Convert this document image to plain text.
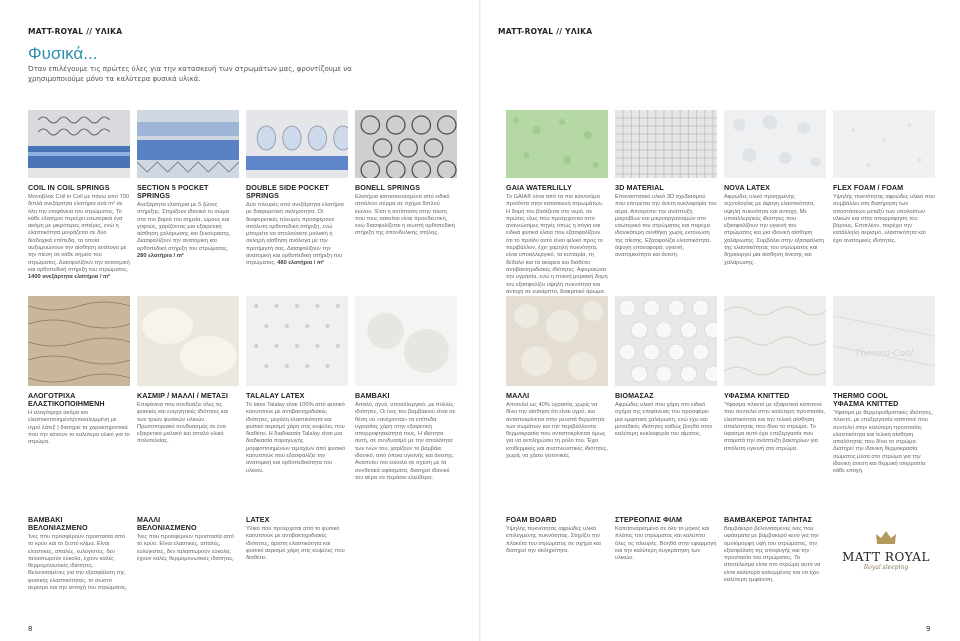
MATT-ROYAL // ΥΛΙΚΑ	MATT-ROYAL // ΥΛΙΚΑ
Φυσικά...
Όταν επιλέγουμε τις πρώτες ύλες για την κατασκευή των στρωμάτων μας, φροντίζουμε να χρησιμοποιούμε μόνο τα καλύτερα φυσικά υλικά.
COIL IN COIL SPRINGS

Μονοβλοκ Coil in Coil με πάνω από 700 διπλά ανεξάρτητα ελατήρια ανά m² σε όλη την επιφάνεια του στρώματος. Το κάθε ελατήριο περιέχει εσωτερικά ένα ακόμη με μικρότερες σπείρες, ενώ η ελαστικότητα μοιράζεται σε δύο διαδοχικά επίπεδα, τα οποία αυξομειώνουν την αίσθηση ανάλογα με την πίεση σε κάθε σημείο του στρώματος. Διασφαλίζουν την ανατομική και ορθοπεδική στήριξη του στρώματος. 1400 ανεξάρτητα ελατήρια / m²

SECTION 5 POCKET SPRINGS

Ανεξάρτητα ελατήρια με 5 ζώνες στήριξης. Στηρίζουν ιδανικά το σώμα στα πιο βαριά του σημεία, ώμους και γοφούς, χαρίζοντας μια εξαιρετική αίσθηση χαλάρωσης και ξεκούρασης. Διασφαλίζουν την ανατομική και ορθοπεδική στήριξη του στρώματος. 280 ελατήρια / m²

DOUBLE SIDE POCKET SPRINGS

Δύο πλευρές από ανεξάρτητα ελατήρια με διαφορετική σκληρότητα. Οι διαφορετικές πλευρές προσφέρουν απόλυτη ορθοπεδική στήριξη, ενώ μπορείτε να απολαύσετε μαλακή ή σκληρή αίσθηση ανάλογα με την προτίμησή σας. Διασφαλίζουν την ανατομική και ορθοπεδική στήριξη του στρώματος. 480 ελατήρια / m²

BONELL SPRINGS

Ελατήρια κατασκευασμένα από ειδικό ατσάλινο σύρμα σε σχήμα διπλού κώνου. Έτσι η αντίσταση στην πίεση που τους ασκείται είναι προοδευτική, ενώ διασφαλίζεται η σωστή ορθοπεδική στήριξη της σπονδυλικής στήλης.

GAIA WATERLILLY

Το GAIA® είναι από τα πιο καινοτόμα προϊόντα στην κατασκευή στρωμάτων. Η δομή του βασίζεται στο νερό, σε πρώτες ύλες που προέρχονται από ανανεώσιμες πηγές όπως η σόγια και ειδικά φυτικά έλαια που εξασφαλίζουν ότι το προϊόν αυτό είναι φιλικό προς το περιβάλλον, έχει χαμηλή πυκνότητα, είναι υποαλλεργικό, τα κυτταρία, τη δέδαλο και τα ακάρεα και διαθέτει αντιβακτηριδιακές ιδιότητες. Αφομοιώνει την υγρασία, ενώ η πυκνή μοριακή δομή του εξασφαλίζει υψηλή πυκνότητα και αντοχή σε ευκάμπτο, διακριτικό άρωμα.

3D MATERIAL

Επαναστατικό υλικό 3D σχεδιασμού που επιτρέπει την άνετη κυκλοφορία του αέρα. Αποτρέπει την ανάπτυξη μικροβίων και μικροοργανισμών στο εσωτερικό του στρώματος και παρέχει ιδανικότερη συνθήκη χωρίς εκτόνωση της πίεσης. Εξασφαλίζει ελαστικότητα, άψογη επαναφορά, υγιεινή, ανατομικότητα και άνεση.

NOVA LATEX

Αφρώδες υλικό προηγμένης τεχνολογίας με άψογη ελαστικότητα, υψηλή πυκνότητα και αντοχή. Με υποαλλεργικές ιδιότητες που εξασφαλίζουν την υγιεινή του στρώματος και μια ιδανική αίσθηση χαλάρωσης. Συμβάλει στην εξασφάλιση της ελαστικότητας του στρώματος και δημιουργεί μια αίσθηση άνεσης και χαλάρωσης.

FLEX FOAM / FOAM

Υψηλής πυκνότητας αφρώδες υλικό που συμβάλλει στη διατήρηση των αποστάσεων μεταξύ των υπολοίπων υλικών και στην απορρόφηση του βάρους. Επιπλέον, παρέχει την κατάλληλη αερισμό, ελαστικότητα και έχει ανατομικές ιδιότητες.

Thermo·Cool
ΑΛΟΓΟΤΡΙΧΑ
ΕΛΑΣΤΙΚΟΠΟΙΗΜΕΝΗ

Η αλογότριχα ακόμα και ελαστικοποιημένη(επικαλυμμένη με υγρό λάτεξ ) διατηρεί τα χαρακτηριστικά που την κάνουν το καλύτερο υλικό για το στρώμα.

ΚΑΣΜΙΡ / ΜΑΛΛΙ / ΜΕΤΑΞΙ

Επιφάνεια που συνδυάζει όλες τις φυσικές και ενεργητικές ιδιότητες και των τριών φυσικών υλικών. Πρωτοποριακό συνδυασμός σε ένα εξαιρετικά μαλακό και απαλό υλικό πολυτελείας.

TALALAY LATEX

Το latex Talalay είναι 100% από φυσικό καουτσούκ με αντιβακτηριδιακές ιδιότητες, μεγάλη ελαστικότητα και φυσικό αερισμό χάρη στις κυψέλες που διαθέτει. Η διαδικασία Talalay είναι μια διαδικασία παραγωγής μορφοποιημένων τεμαχίων από φυσικό καουτσούκ που εξασφαλίζει την ανατομική και ορθοπεδικότητα του υλικού.

BAMBAKI

Απαλό, αγνό, υποαλλεργικό, με πολλές ιδιότητες. Οι ίνες του βαμβακιού είναι σε θέση να «ανέχονται» τα επίπεδα υγρασίας χάρη στην εξαιρετική απορροφητικότητά τους. Η ιδιότητα αυτή, σε συνδυασμό με την απαλότητα των ινών του, χαρίζουν το βαμβάκι ιδανικό, από όποια υγιεινής και άνεσης. Αναπνέει πιο εύκολα σε σχέση με τα συνθετικά υφάσματα, διατηρεί ιδανικό τον αέρα να περάσει ελεύθερα.

ΜΑΛΛΙ

Αποτελεί ως 40% υγρασία, χωρίς να δίνει την αίσθηση ότι είναι υγρό, και ανταποκρίνεται στην ρευστά θερμότητα των σωμάτων και την περιβάλλοντα θερμοκρασία που ανταποκρίνεται όμως για να εκπληρώσει τη ρόλο του. Έχει ισοθερμικές και αναπνευστικές ιδιότητες, χωρίς να χάσει γειτονικές.

BIOMAΣΑΖ

Αφρώδες υλικό που χάρη στο ειδικό σχήμα της επιφάνειας του προσφέρει μια εμφατική χαλάρωση, ενώ έχει και μοναδικές ιδιότητες καθώς βοηθά στην καλύτερη κυκλοφορία του αίματος.

ΥΦΑΣΜΑ KNITTED

Ύφασμα πλεκτό με εξαιρετικά καπιτονέ που συντελεί στην καλύτερη προστασία, ελαστικότητα και την τελική αίσθηση απαλότητας που δίνει το στρώμα. Το ύφασμα αυτό έχει επεξεργασία που σταματά την ανάπτυξη βακτηρίων για απόλυτη υγιεινή στο στρώμα.

THERMO COOL
ΥΦΑΣΜΑ KNITTED

Ύφασμα με θερμορυθμιστικές ιδιότητες, πλεκτό, με επεξεργασία καπιτονέ που συντελεί στην καλύτερη προστασία, ελαστικότητα και τελική αίσθηση απαλότητας που δίνει το στρώμα. Διατηρεί την ιδανική θερμοκρασία σώματος μέσα στο στρώμα για την ιδανική άνεση και θερμική ισορροπία κάθε εποχή.

BAMBAKI
ΒΕΛΟΝΙΑΣΜΕΝΟ

Ίνες που προσφέρουν προστασία από το κρύο και το ζεστό κλίμα. Είναι ελαστικές, απαλές, ευλύγιστες, δεν ταλαιπωρούν εύκολα, έχουν καλές θερμομονωτικές ιδιότητες. Βελονιασμένες για την εξασφάλιση της φυσικής ελαστικότητας, το σωστό αερισμό και την αντοχή του στρώματος.

ΜΑΛΛΙ
ΒΕΛΟΝΙΑΣΜΕΝΟ

Ίνες που προσφέρουν προστασία από το κρύο. Είναι ελαστικές, απαλές, ευλύγιστες, δεν ταλαιπωρούν εύκολα, έχουν καλές θερμομονωτικές ιδιότητες.

LATEX

Υλικό που προέρχεται από το φυσικό καουτσούκ με αντιβακτηριδιακές ιδιότητες, άριστη ελαστικότητα και φυσικό αερισμό χάρη στις κυψέλες που διαθέτει.

FOAM BOARD

Υψηλής πυκνότητας αφρώδες υλικό επιλεγμένης πυκνότητας. Στηρίζει την πλακέτα του στρώματος σε σχήμα και διατηρεί την σκληρότητα.

ΣΤΕΡΕΟΠΛΙΣ ΦΙΛΜ

Καπιτονάρισμένο σε όλο το μήκος και πλάτος του στρώματος και καλύπτει όλες τις πλευρές. Βοηθά στην εφαρμογή και την καλύτερη συγκράτηση των υλικών.

ΒΑΜΒΑΚΕΡΟΣ ΤΑΠΗΤΑΣ

Βαμβάκερο βελονιασμένες ίνες που υφάσματα με βαμβακερό κενό για την ομοιόμορφη υφή του στρώματος, την εξασφάλιση της αποφυγής και την προστασία του στρώματος. Το αποτέλεσμα είναι στο στρώμα αυτό να είναι καλύτερα καλυμμένος και να έχει καλύτερη εμφάνιση.

MATT ROYAL
Royal sleeping
8	9
